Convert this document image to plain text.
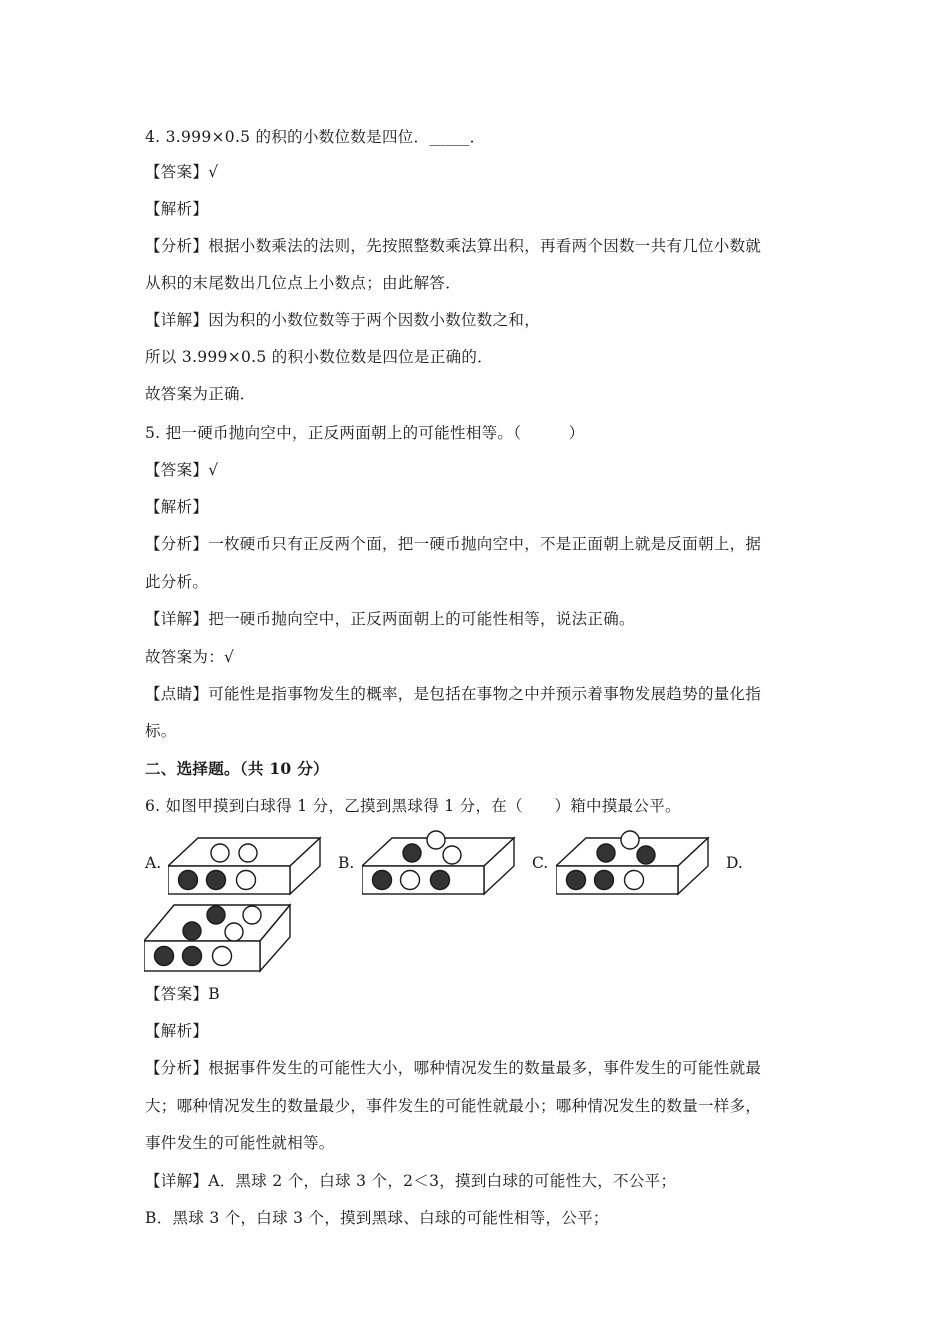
4. 3.999×0.5 的积的小数位数是四位．_____．
【答案】√
【解析】
【分析】根据小数乘法的法则，先按照整数乘法算出积，再看两个因数一共有几位小数就
从积的末尾数出几位点上小数点；由此解答．
【详解】因为积的小数位数等于两个因数小数位数之和，
所以 3.999×0.5 的积小数位数是四位是正确的．
故答案为正确．
5. 把一硬币抛向空中，正反两面朝上的可能性相等。（　　　）
【答案】√
【解析】
【分析】一枚硬币只有正反两个面，把一硬币抛向空中，不是正面朝上就是反面朝上，据
此分析。
【详解】把一硬币抛向空中，正反两面朝上的可能性相等，说法正确。
故答案为：√
【点睛】可能性是指事物发生的概率，是包括在事物之中并预示着事物发展趋势的量化指
标。
二、选择题。（共 10 分）
6. 如图甲摸到白球得 1 分，乙摸到黑球得 1 分，在（　　）箱中摸最公平。
A.	B.	C.	D.
【答案】B
【解析】
【分析】根据事件发生的可能性大小，哪种情况发生的数量最多，事件发生的可能性就最
大；哪种情况发生的数量最少，事件发生的可能性就最小；哪种情况发生的数量一样多，
事件发生的可能性就相等。
【详解】A．黑球 2 个，白球 3 个，2＜3，摸到白球的可能性大，不公平；
B．黑球 3 个，白球 3 个，摸到黑球、白球的可能性相等，公平；
